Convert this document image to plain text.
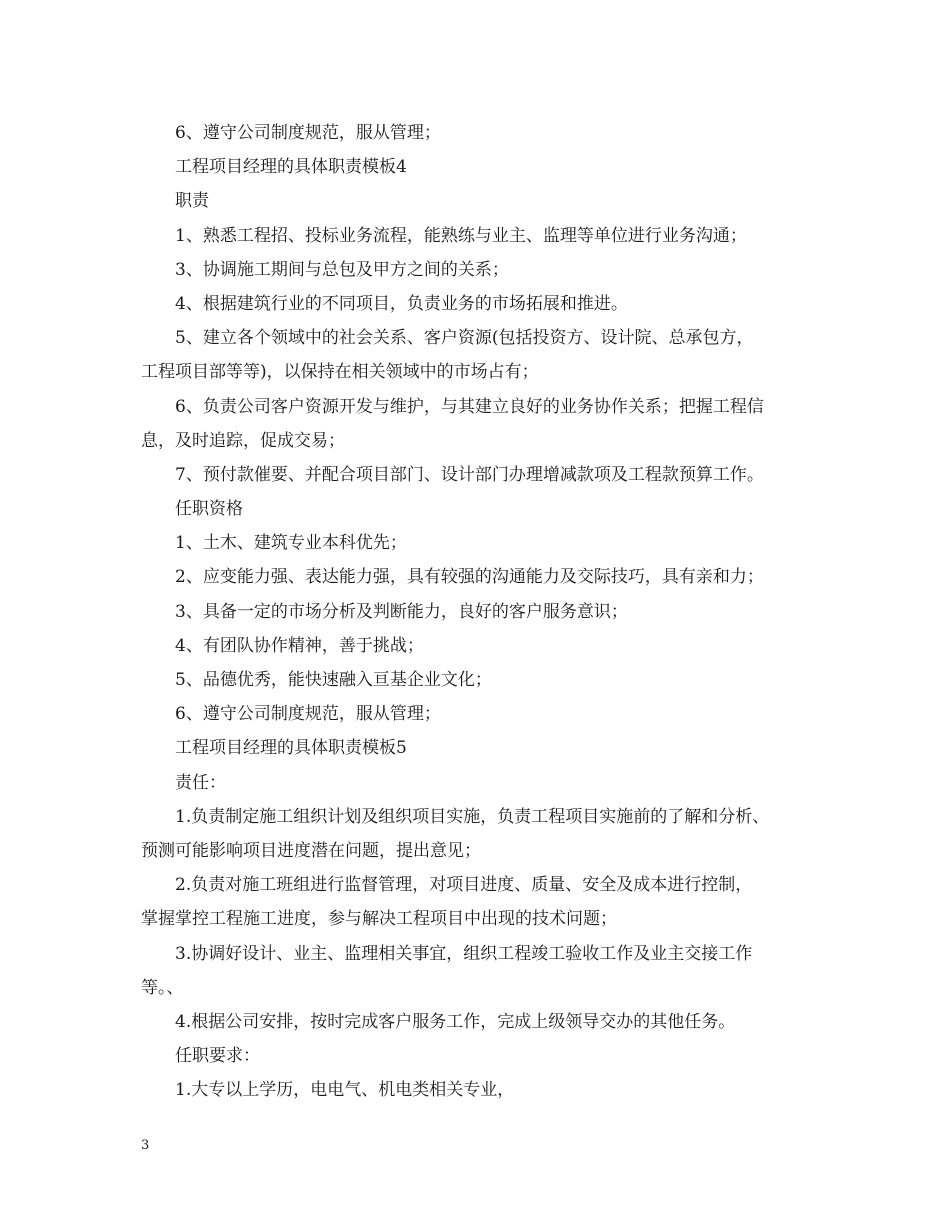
6、遵守公司制度规范，服从管理；
工程项目经理的具体职责模板4
职责
1、熟悉工程招、投标业务流程，能熟练与业主、监理等单位进行业务沟通；
3、协调施工期间与总包及甲方之间的关系；
4、根据建筑行业的不同项目，负责业务的市场拓展和推进。
5、建立各个领域中的社会关系、客户资源(包括投资方、设计院、总承包方，
工程项目部等等)，以保持在相关领域中的市场占有；
6、负责公司客户资源开发与维护，与其建立良好的业务协作关系；把握工程信
息，及时追踪，促成交易；
7、预付款催要、并配合项目部门、设计部门办理增减款项及工程款预算工作。
任职资格
1、土木、建筑专业本科优先；
2、应变能力强、表达能力强，具有较强的沟通能力及交际技巧，具有亲和力；
3、具备一定的市场分析及判断能力，良好的客户服务意识；
4、有团队协作精神，善于挑战；
5、品德优秀，能快速融入亘基企业文化；
6、遵守公司制度规范，服从管理；
工程项目经理的具体职责模板5
责任：
1.负责制定施工组织计划及组织项目实施，负责工程项目实施前的了解和分析、
预测可能影响项目进度潜在问题，提出意见；
2.负责对施工班组进行监督管理，对项目进度、质量、安全及成本进行控制，
掌握掌控工程施工进度，参与解决工程项目中出现的技术问题；
3.协调好设计、业主、监理相关事宜，组织工程竣工验收工作及业主交接工作
等。、
4.根据公司安排，按时完成客户服务工作，完成上级领导交办的其他任务。
任职要求：
1.大专以上学历，电电气、机电类相关专业，
3
